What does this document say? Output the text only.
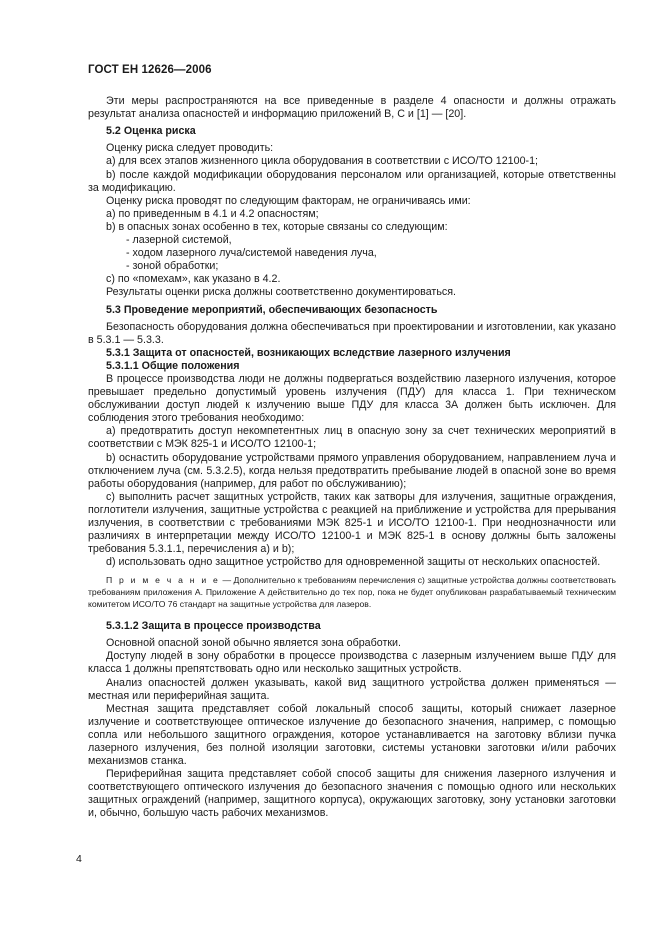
ГОСТ ЕН 12626—2006

Эти меры распространяются на все приведенные в разделе 4 опасности и должны отражать результат анализа опасностей и информацию приложений В, С и [1] — [20].

5.2 Оценка риска

Оценку риска следует проводить:

а) для всех этапов жизненного цикла оборудования в соответствии с ИСО/ТО 12100-1;

b) после каждой модификации оборудования персоналом или организацией, которые ответственны за модификацию.

Оценку риска проводят по следующим факторам, не ограничиваясь ими:

а) по приведенным в 4.1 и 4.2 опасностям;

b) в опасных зонах особенно в тех, которые связаны со следующим:

- лазерной системой,

- ходом лазерного луча/системой наведения луча,

- зоной обработки;

с) по «помехам», как указано в 4.2.

Результаты оценки риска должны соответственно документироваться.

5.3 Проведение мероприятий, обеспечивающих безопасность

Безопасность оборудования должна обеспечиваться при проектировании и изготовлении, как указано в 5.3.1 — 5.3.3.

5.3.1 Защита от опасностей, возникающих вследствие лазерного излучения

5.3.1.1 Общие положения

В процессе производства люди не должны подвергаться воздействию лазерного излучения, которое превышает предельно допустимый уровень излучения (ПДУ) для класса 1. При техническом обслуживании доступ людей к излучению выше ПДУ для класса 3А должен быть исключен. Для соблюдения этого требования необходимо:

а) предотвратить доступ некомпетентных лиц в опасную зону за счет технических мероприятий в соответствии с МЭК 825-1 и ИСО/ТО 12100-1;

b) оснастить оборудование устройствами прямого управления оборудованием, направлением луча и отключением луча (см. 5.3.2.5), когда нельзя предотвратить пребывание людей в опасной зоне во время работы оборудования (например, для работ по обслуживанию);

с) выполнить расчет защитных устройств, таких как затворы для излучения, защитные ограждения, поглотители излучения, защитные устройства с реакцией на приближение и устройства для прерывания излучения, в соответствии с требованиями МЭК 825-1 и ИСО/ТО 12100-1. При неоднозначности или различиях в интерпретации между ИСО/ТО 12100-1 и МЭК 825-1 в основу должны быть заложены требования 5.3.1.1, перечисления а) и b);

d) использовать одно защитное устройство для одновременной защиты от нескольких опасностей.

П р и м е ч а н и е — Дополнительно к требованиям перечисления с) защитные устройства должны соответствовать требованиям приложения А. Приложение А действительно до тех пор, пока не будет опубликован разрабатываемый техническим комитетом ИСО/ТО 76 стандарт на защитные устройства для лазеров.

5.3.1.2 Защита в процессе производства

Основной опасной зоной обычно является зона обработки.

Доступу людей в зону обработки в процессе производства с лазерным излучением выше ПДУ для класса 1 должны препятствовать одно или несколько защитных устройств.

Анализ опасностей должен указывать, какой вид защитного устройства должен применяться — местная или периферийная защита.

Местная защита представляет собой локальный способ защиты, который снижает лазерное излучение и соответствующее оптическое излучение до безопасного значения, например, с помощью сопла или небольшого защитного ограждения, которое устанавливается на заготовку вблизи пучка лазерного излучения, без полной изоляции заготовки, системы установки заготовки и/или рабочих механизмов станка.

Периферийная защита представляет собой способ защиты для снижения лазерного излучения и соответствующего оптического излучения до безопасного значения с помощью одного или нескольких защитных ограждений (например, защитного корпуса), окружающих заготовку, зону установки заготовки и, обычно, большую часть рабочих механизмов.

4
